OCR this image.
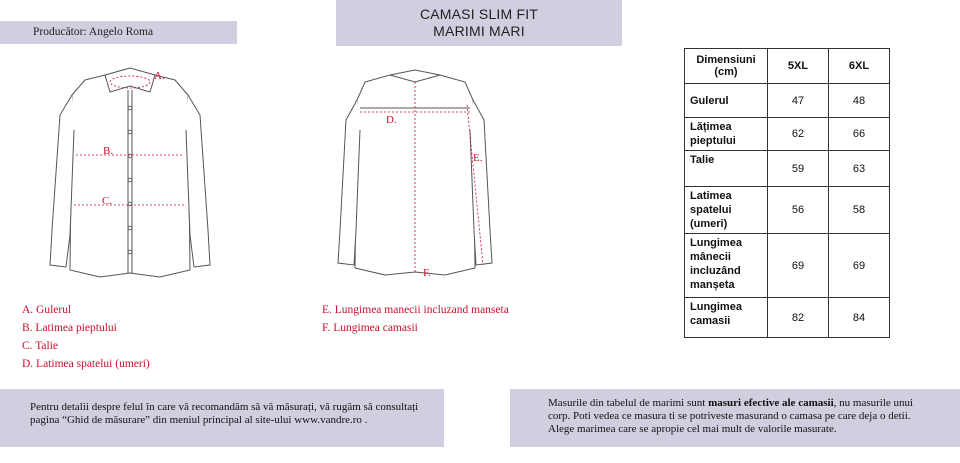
Producător: Angelo Roma
CAMASI SLIM FIT
MARIMI MARI
A.
B.
C.
D.
E.
F.
A. Gulerul
B. Latimea pieptului
C. Talie
D. Latimea spatelui (umeri)
E. Lungimea manecii incluzand manseta
F. Lungimea camasii
Dimensiuni (cm)	5XL	6XL
Gulerul	47	48
Lățimea pieptului	62	66
Talie	59	63
Latimea spatelui (umeri)	56	58
Lungimea mânecii incluzând manșeta	69	69
Lungimea camasii	82	84
Pentru detalii despre felul în care vă recomandăm să vă măsurați, vă rugăm să consultați
pagina “Ghid de măsurare” din meniul principal al site-ului www.vandre.ro .
Masurile din tabelul de marimi sunt masuri efective ale camasii, nu masurile unui
corp. Poti vedea ce masura ti se potriveste masurand o camasa pe care deja o detii.
Alege marimea care se apropie cel mai mult de valorile masurate.
